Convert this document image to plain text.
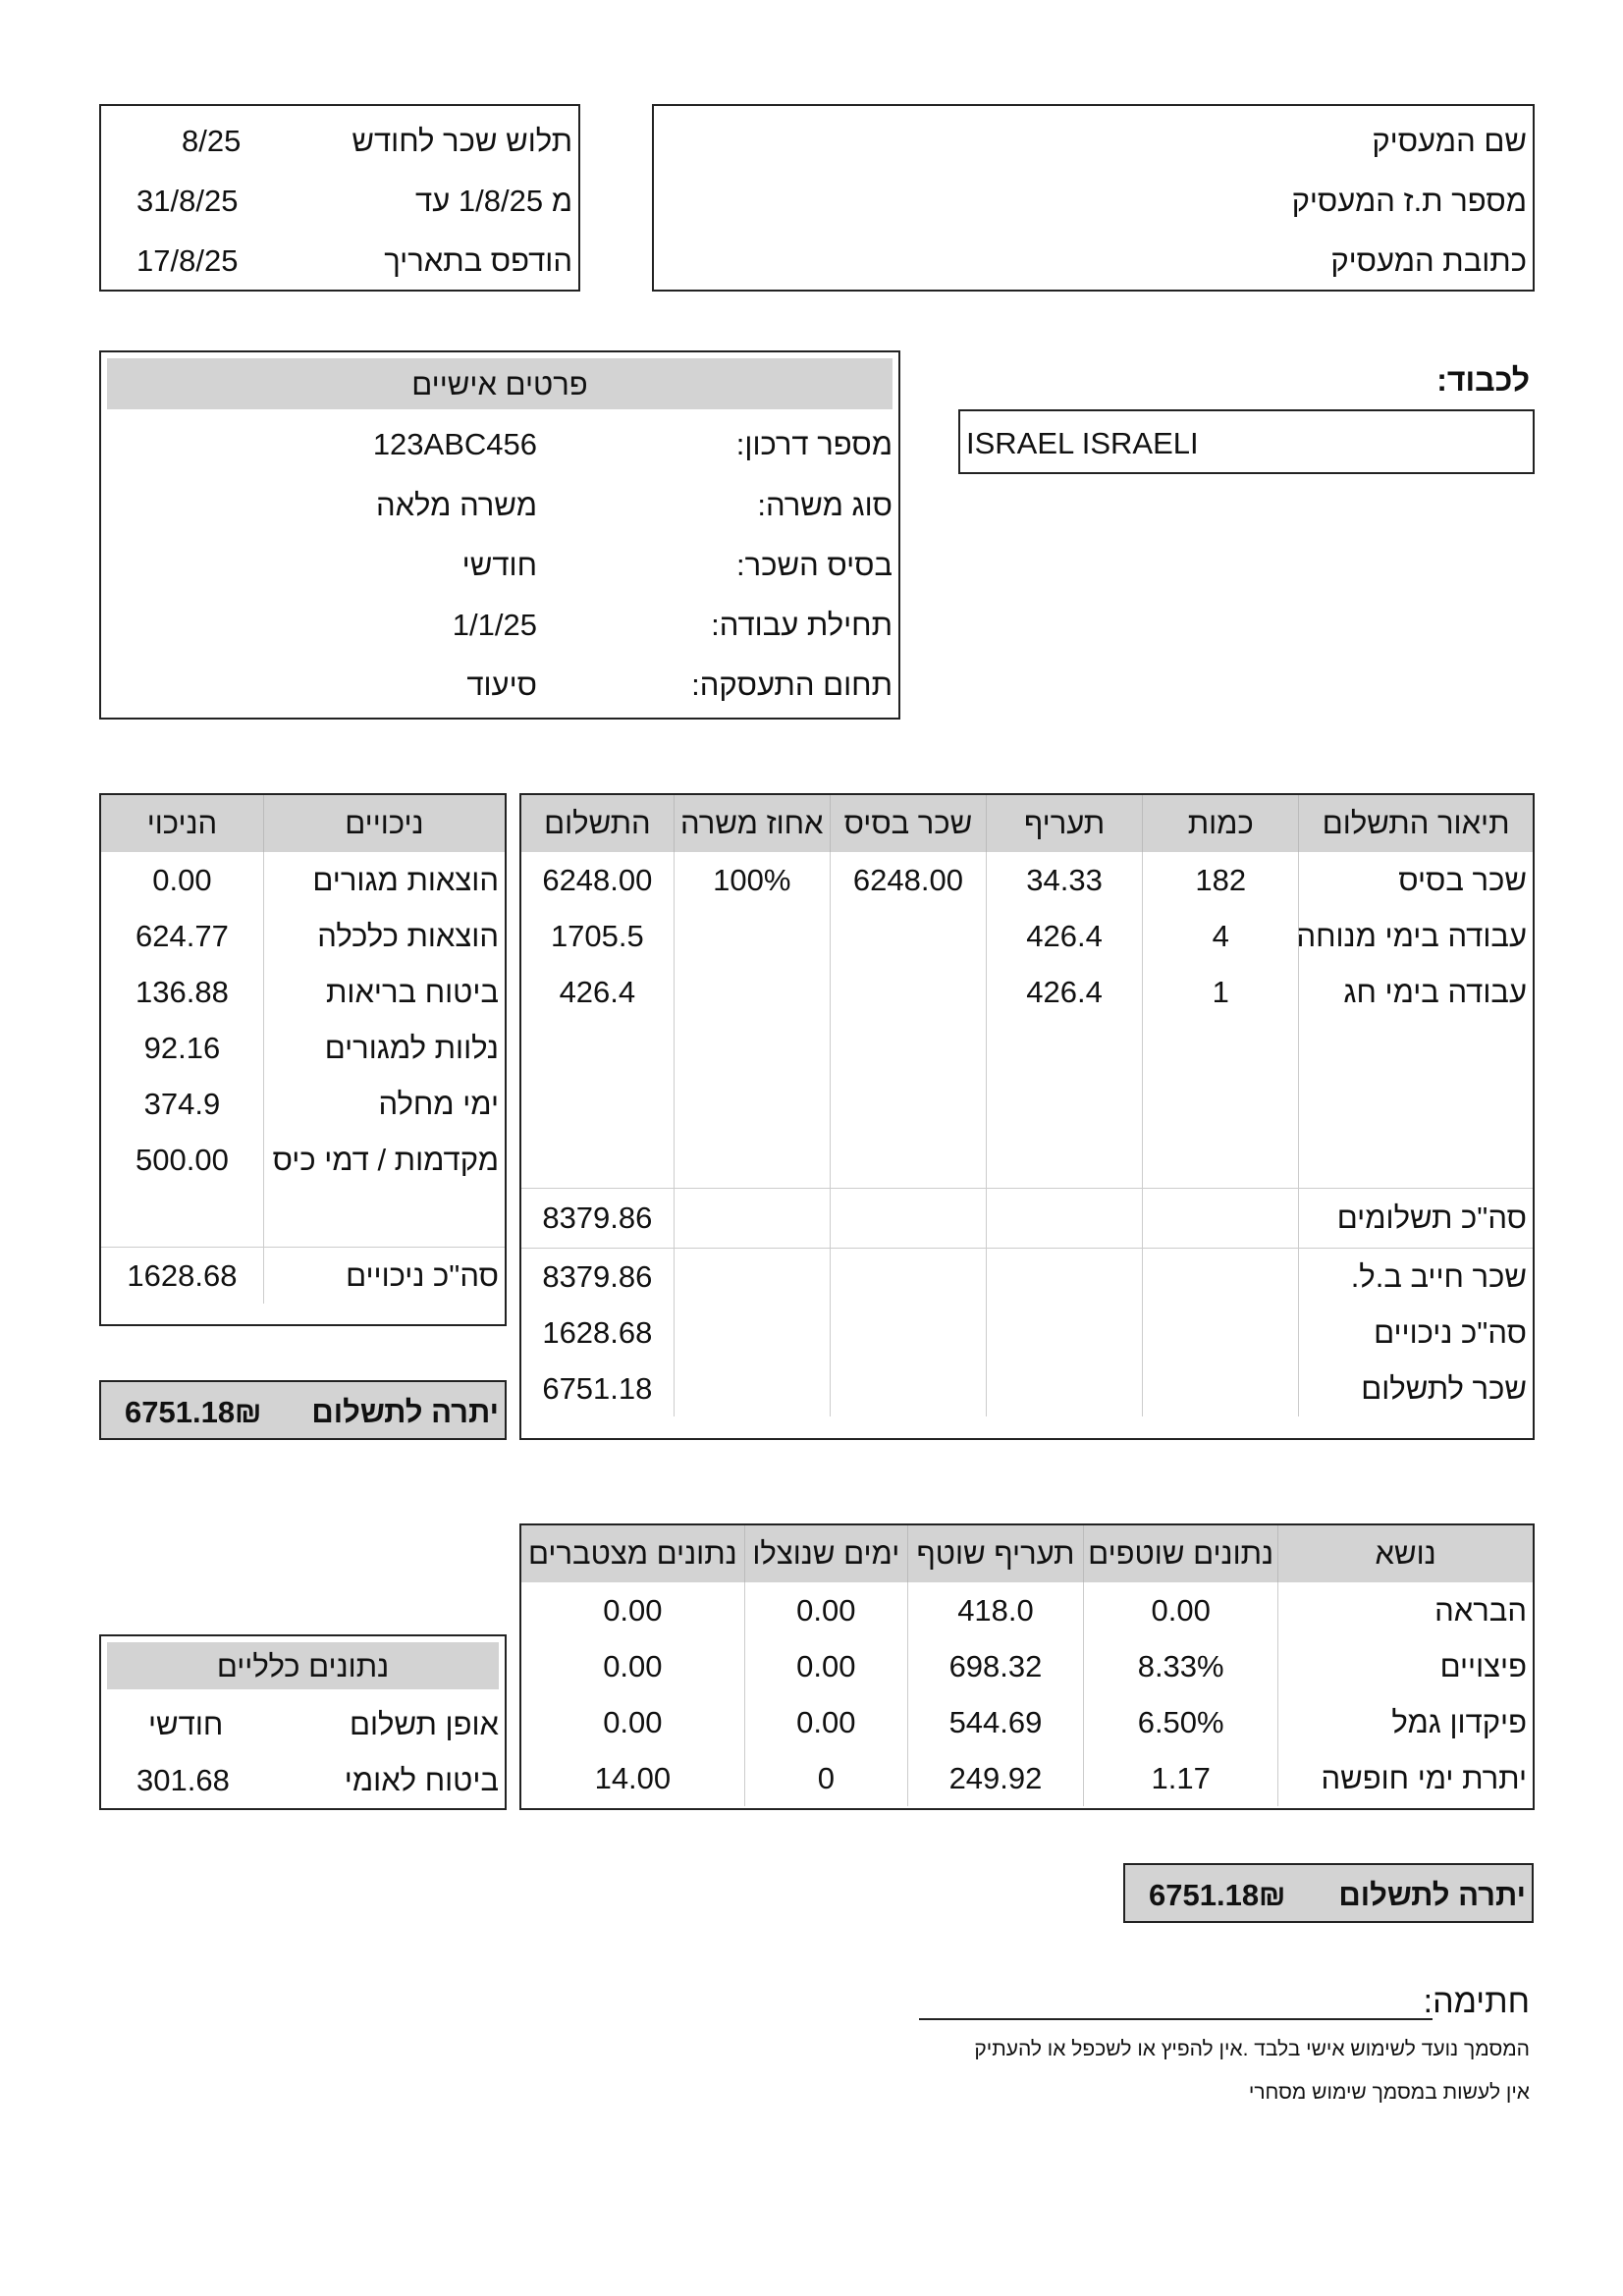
תלוש שכר לחודש
8/25
מ 1/8/25 עד
31/8/25
הודפס בתאריך
17/8/25
שם המעסיק
מספר ת.ז המעסיק
כתובת המעסיק
לכבוד:
ISRAEL ISRAELI
פרטים אישיים
מספר דרכון:
123ABC456
סוג משרה:
משרה מלאה
בסיס השכר:
חודשי
תחילת עבודה:
1/1/25
תחום התעסקה:
סיעוד
תיאור התשלום	כמות	תעריף	שכר בסיס	אחוז משרה	התשלום
שכר בסיס	182	34.33	6248.00	100%	6248.00
עבודה בימי מנוחה	4	426.4			1705.5
עבודה בימי חג	1	426.4			426.4

סה"כ תשלומים					8379.86
שכר חייב ב.ל.					8379.86
סה"כ ניכויים					1628.68
שכר לתשלום					6751.18
ניכויים	הניכוי
הוצאות מגורים	0.00
הוצאות כלכלה	624.77
ביטוח בריאות	136.88
נלוות למגורים	92.16
ימי מחלה	374.9
מקדמות / דמי כיס	500.00

סה"כ ניכויים	1628.68
יתרה לתשלום
6751.18₪
נושא	נתונים שוטפים	תעריף שוטף	ימים שנוצלו	נתונים מצטברים
הבראה	0.00	418.0	0.00	0.00
פיצויים	8.33%	698.32	0.00	0.00
פיקדון גמל	6.50%	544.69	0.00	0.00
יתרת ימי חופשה	1.17	249.92	0	14.00
נתונים כלליים
אופן תשלום
חודשי
ביטוח לאומי
301.68
יתרה לתשלום
6751.18₪
חתימה:
המסמך נועד לשימוש אישי בלבד .אין להפיץ או לשכפל או להעתיק
אין לעשות במסמך שימוש מסחרי
